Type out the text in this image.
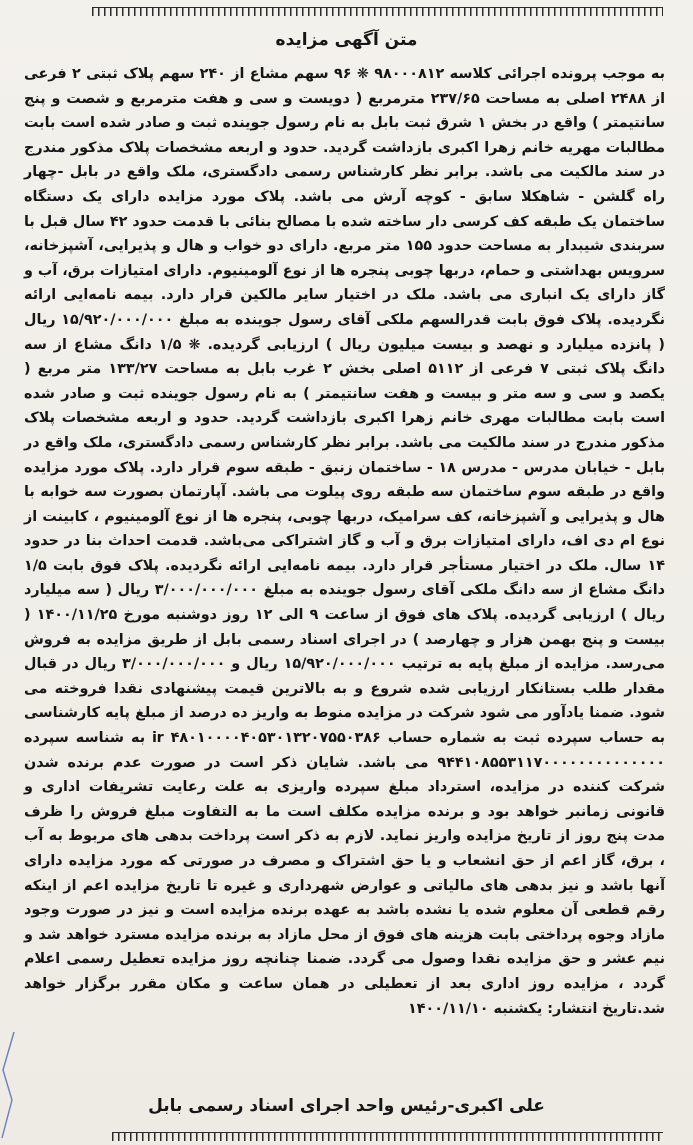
متن آگهی مزایده

به موجب پرونده اجرائی کلاسه ۹۸۰۰۰۸۱۲ ❋ ۹۶ سهم مشاع از ۲۴۰ سهم پلاک ثبتی ۲ فرعی از ۲۴۸۸ اصلی به مساحت ۲۳۷/۶۵ مترمربع ( دویست و سی و هفت مترمربع و شصت و پنج سانتیمتر ) واقع در بخش ۱ شرق ثبت بابل به نام رسول جوینده ثبت و صادر شده است بابت مطالبات مهریه خانم زهرا اکبری بازداشت گردید. حدود و اربعه مشخصات پلاک مذکور مندرج در سند مالکیت می باشد. برابر نظر کارشناس رسمی دادگستری، ملک واقع در بابل -چهار راه گلشن - شاهکلا سابق - کوچه آرش می باشد. پلاک مورد مزایده دارای یک دستگاه ساختمان یک طبقه کف کرسی دار ساخته شده با مصالح بنائی با قدمت حدود ۴۲ سال قبل با سربندی شیبدار به مساحت حدود ۱۵۵ متر مربع. دارای دو خواب و هال و پذیرایی، آشپزخانه، سرویس بهداشتی و حمام، دربها چوبی پنجره ها از نوع آلومینیوم. دارای امتیازات برق، آب و گاز دارای یک انباری می باشد. ملک در اختیار سایر مالکین قرار دارد. بیمه نامه‌ایی ارائه نگردیده. پلاک فوق بابت قدرالسهم ملکی آقای رسول جوینده به مبلغ ۱۵/۹۲۰/۰۰۰/۰۰۰ ریال ( پانزده میلیارد و نهصد و بیست میلیون ریال ) ارزیابی گردیده. ❋ ۱/۵ دانگ مشاع از سه دانگ پلاک ثبتی ۷ فرعی از ۵۱۱۲ اصلی بخش ۲ غرب بابل به مساحت ۱۳۳/۲۷ متر مربع ( یکصد و سی و سه متر و بیست و هفت سانتیمتر ) به نام رسول جوینده ثبت و صادر شده است بابت مطالبات مهری خانم زهرا اکبری بازداشت گردید. حدود و اربعه مشخصات پلاک مذکور مندرج در سند مالکیت می باشد. برابر نظر کارشناس رسمی دادگستری، ملک واقع در بابل - خیابان مدرس - مدرس ۱۸ - ساختمان زنبق - طبقه سوم قرار دارد. پلاک مورد مزایده واقع در طبقه سوم ساختمان سه طبقه روی پیلوت می باشد. آپارتمان بصورت سه خوابه با هال و پذیرایی و آشپزخانه، کف سرامیک، دربها چوبی، پنجره ها از نوع آلومینیوم ، کابینت از نوع ام دی اف، دارای امتیازات برق و آب و گاز اشتراکی می‌باشد. قدمت احداث بنا در حدود ۱۴ سال. ملک در اختیار مستأجر قرار دارد. بیمه نامه‌ایی ارائه نگردیده. پلاک فوق بابت ۱/۵ دانگ مشاع از سه دانگ ملکی آقای رسول جوینده به مبلغ ۳/۰۰۰/۰۰۰/۰۰۰ ریال ( سه میلیارد ریال ) ارزیابی گردیده. پلاک های فوق از ساعت ۹ الی ۱۲ روز دوشنبه مورخ ۱۴۰۰/۱۱/۲۵ ( بیست و پنج بهمن هزار و چهارصد ) در اجرای اسناد رسمی بابل از طریق مزایده به فروش می‌رسد. مزایده از مبلغ پایه به ترتیب ۱۵/۹۲۰/۰۰۰/۰۰۰ ریال و ۳/۰۰۰/۰۰۰/۰۰۰ ریال در قبال مقدار طلب بستانکار ارزیابی شده شروع و به بالاترین قیمت پیشنهادی نقدا فروخته می شود. ضمنا یادآور می شود شرکت در مزایده منوط به واریز ده درصد از مبلغ پایه کارشناسی به حساب سپرده ثبت به شماره حساب ۴۸۰۱۰۰۰۰۴۰۵۳۰۱۳۲۰۷۵۵۰۳۸۶ ir به شناسه سپرده ۹۴۴۱۰۸۵۵۳۱۱۷۰۰۰۰۰۰۰۰۰۰۰۰۰۰ می باشد. شایان ذکر است در صورت عدم برنده شدن شرکت کننده در مزایده، استرداد مبلغ سپرده واریزی به علت رعایت تشریفات اداری و قانونی زمانبر خواهد بود و برنده مزایده مکلف است ما به التفاوت مبلغ فروش را ظرف مدت پنج روز از تاریخ مزایده واریز نماید. لازم به ذکر است پرداخت بدهی های مربوط به آب ، برق، گاز اعم از حق انشعاب و یا حق اشتراک و مصرف در صورتی که مورد مزایده دارای آنها باشد و نیز بدهی های مالیاتی و عوارض شهرداری و غیره تا تاریخ مزایده اعم از اینکه رقم قطعی آن معلوم شده یا نشده باشد به عهده برنده مزایده است و نیز در صورت وجود مازاد وجوه پرداختی بابت هزینه های فوق از محل مازاد به برنده مزایده مسترد خواهد شد و نیم عشر و حق مزایده نقدا وصول می گردد. ضمنا چنانچه روز مزایده تعطیل رسمی اعلام گردد ، مزایده روز اداری بعد از تعطیلی در همان ساعت و مکان مقرر برگزار خواهد شد.تاریخ انتشار: یکشنبه ۱۴۰۰/۱۱/۱۰

علی اکبری-رئیس واحد اجرای اسناد رسمی بابل
